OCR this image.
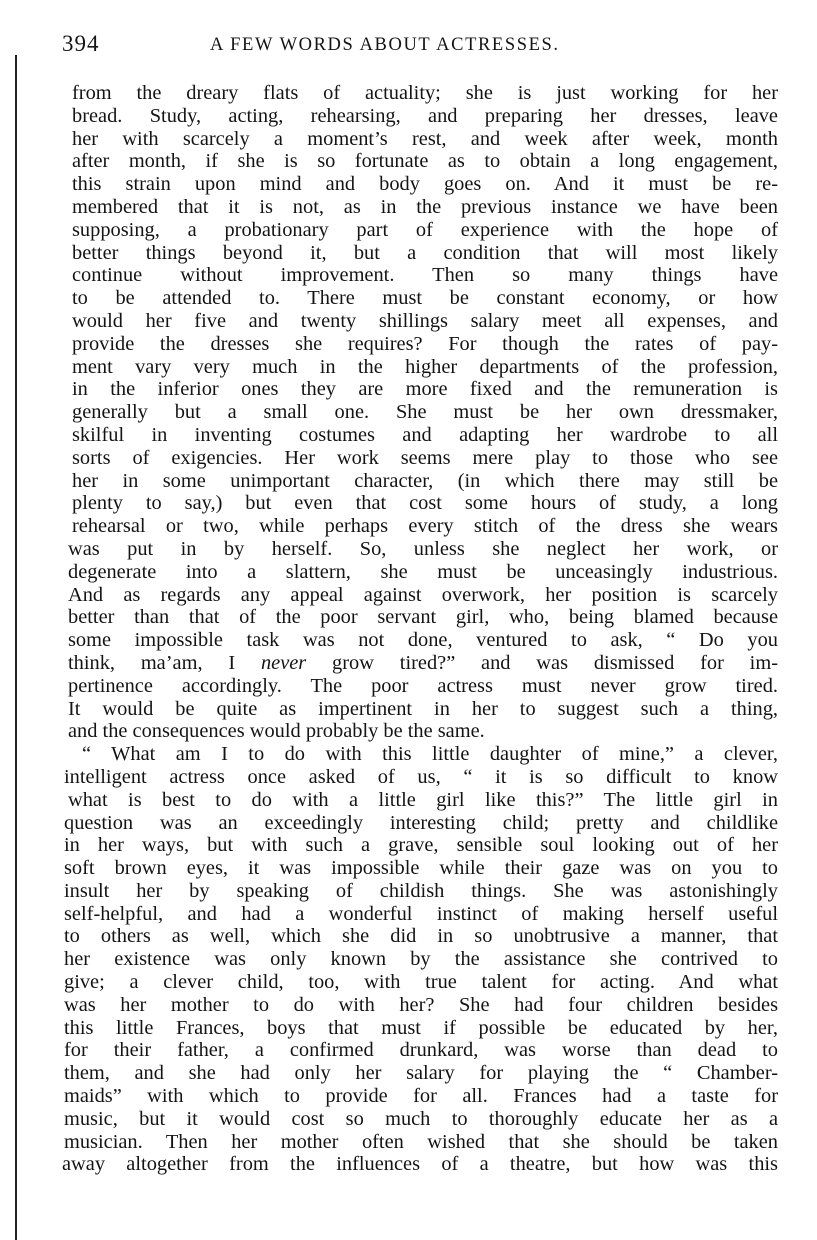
394	A FEW WORDS ABOUT ACTRESSES.
from the dreary flats of actuality; she is just working for her
bread. Study, acting, rehearsing, and preparing her dresses, leave
her with scarcely a moment’s rest, and week after week, month
after month, if she is so fortunate as to obtain a long engagement,
this strain upon mind and body goes on. And it must be re-
membered that it is not, as in the previous instance we have been
supposing, a probationary part of experience with the hope of
better things beyond it, but a condition that will most likely
continue without improvement. Then so many things have
to be attended to. There must be constant economy, or how
would her five and twenty shillings salary meet all expenses, and
provide the dresses she requires? For though the rates of pay-
ment vary very much in the higher departments of the profession,
in the inferior ones they are more fixed and the remuneration is
generally but a small one. She must be her own dressmaker,
skilful in inventing costumes and adapting her wardrobe to all
sorts of exigencies. Her work seems mere play to those who see
her in some unimportant character, (in which there may still be
plenty to say,) but even that cost some hours of study, a long
rehearsal or two, while perhaps every stitch of the dress she wears
was put in by herself. So, unless she neglect her work, or
degenerate into a slattern, she must be unceasingly industrious.
And as regards any appeal against overwork, her position is scarcely
better than that of the poor servant girl, who, being blamed because
some impossible task was not done, ventured to ask, “ Do you
think, ma’am, I never grow tired?” and was dismissed for im-
pertinence accordingly. The poor actress must never grow tired.
It would be quite as impertinent in her to suggest such a thing,
and the consequences would probably be the same.
“ What am I to do with this little daughter of mine,” a clever,
intelligent actress once asked of us, “ it is so difficult to know
what is best to do with a little girl like this?” The little girl in
question was an exceedingly interesting child; pretty and childlike
in her ways, but with such a grave, sensible soul looking out of her
soft brown eyes, it was impossible while their gaze was on you to
insult her by speaking of childish things. She was astonishingly
self-helpful, and had a wonderful instinct of making herself useful
to others as well, which she did in so unobtrusive a manner, that
her existence was only known by the assistance she contrived to
give; a clever child, too, with true talent for acting. And what
was her mother to do with her? She had four children besides
this little Frances, boys that must if possible be educated by her,
for their father, a confirmed drunkard, was worse than dead to
them, and she had only her salary for playing the “ Chamber-
maids” with which to provide for all. Frances had a taste for
music, but it would cost so much to thoroughly educate her as a
musician. Then her mother often wished that she should be taken
away altogether from the influences of a theatre, but how was this
